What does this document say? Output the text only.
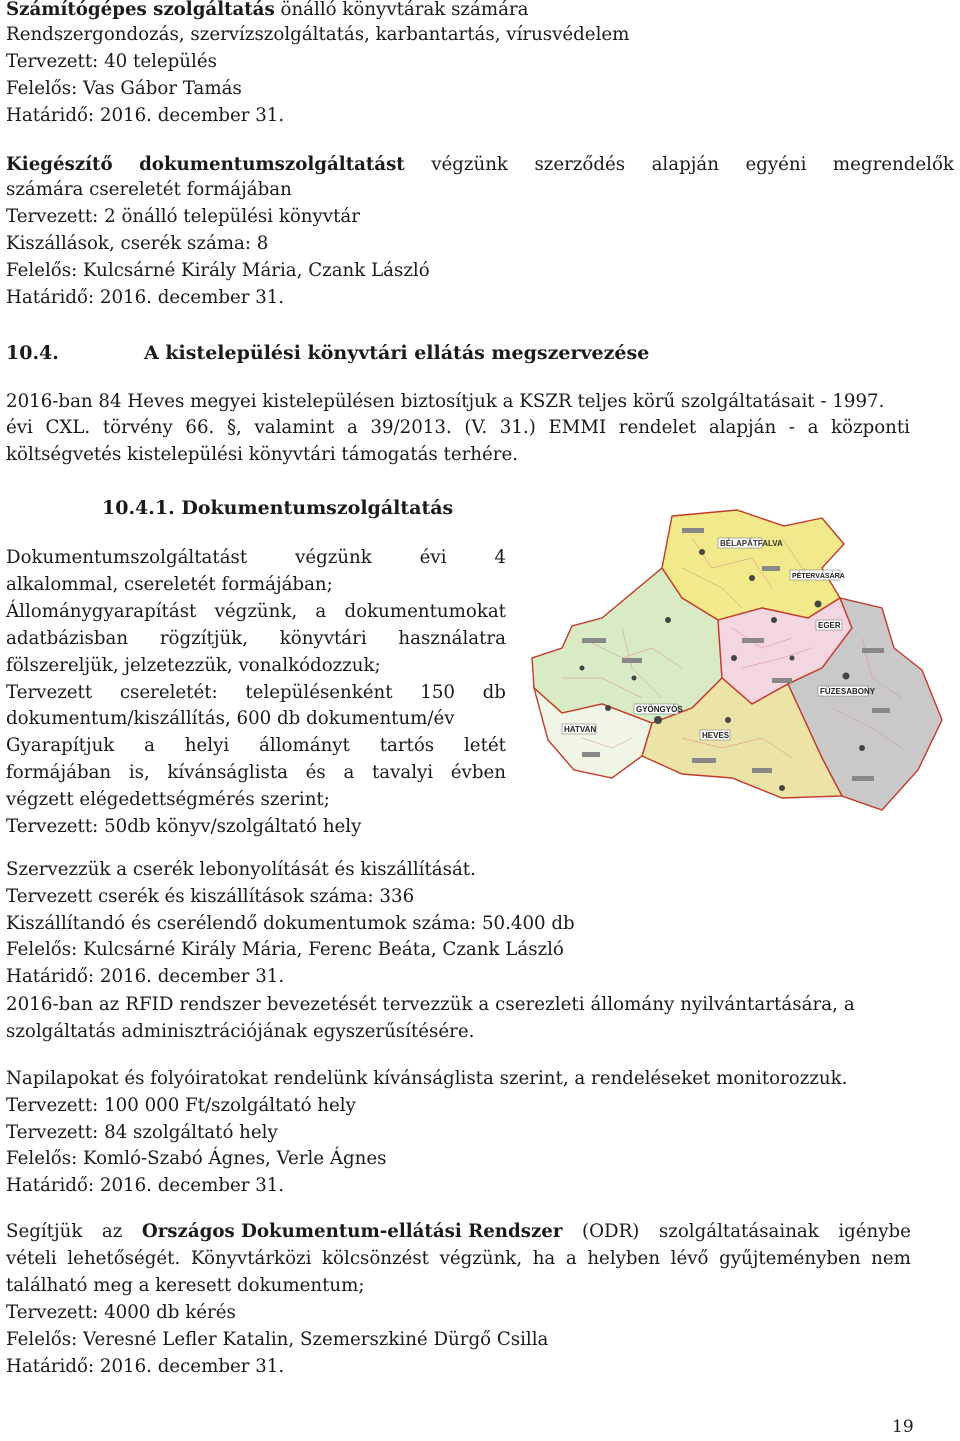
Számítógépes szolgáltatás önálló könyvtárak számára
Rendszergondozás, szervízszolgáltatás, karbantartás, vírusvédelem
Tervezett: 40 település
Felelős: Vas Gábor Tamás
Határidő: 2016. december 31.
Kiegészítő dokumentumszolgáltatást végzünk szerződés alapján egyéni megrendelők
számára csereletét formájában
Tervezett: 2 önálló települési könyvtár
Kiszállások, cserék száma: 8
Felelős: Kulcsárné Király Mária, Czank László
Határidő: 2016. december 31.
10.4.	A kistelepülési könyvtári ellátás megszervezése
2016-ban 84 Heves megyei kistelepülésen biztosítjuk a KSZR teljes körű szolgáltatásait - 1997.
évi CXL. törvény 66. §, valamint a 39/2013. (V. 31.) EMMI rendelet alapján - a központi
költségvetés kistelepülési könyvtári támogatás terhére.
10.4.1. Dokumentumszolgáltatás
Dokumentumszolgáltatást	végzünk	évi	4
alkalommal, csereletét formájában;
Állománygyarapítást végzünk, a dokumentumokat
adatbázisban rögzítjük, könyvtári használatra
fölszereljük, jelzetezzük, vonalkódozzuk;
Tervezett csereletét: településenként 150 db
dokumentum/kiszállítás, 600 db dokumentum/év
Gyarapítjuk a helyi állományt tartós letét
formájában is, kívánságlista és a tavalyi évben
végzett elégedettségmérés szerint;
Tervezett: 50db könyv/szolgáltató hely
BÉLAPÁTFALVA
EGER
FÜZESABONY
HEVES
HATVAN
GYÖNGYÖS
PÉTERVÁSÁRA
Szervezzük a cserék lebonyolítását és kiszállítását.
Tervezett cserék és kiszállítások száma: 336
Kiszállítandó és cserélendő dokumentumok száma: 50.400 db
Felelős: Kulcsárné Király Mária, Ferenc Beáta, Czank László
Határidő: 2016. december 31.
2016-ban az RFID rendszer bevezetését tervezzük a cserezleti állomány nyilvántartására, a
szolgáltatás adminisztrációjának egyszerűsítésére.
Napilapokat és folyóiratokat rendelünk kívánságlista szerint, a rendeléseket monitorozzuk.
Tervezett: 100 000 Ft/szolgáltató hely
Tervezett: 84 szolgáltató hely
Felelős: Komló-Szabó Ágnes, Verle Ágnes
Határidő: 2016. december 31.
Segítjük az Országos Dokumentum-ellátási Rendszer (ODR) szolgáltatásainak igénybe
vételi lehetőségét. Könyvtárközi kölcsönzést végzünk, ha a helyben lévő gyűjteményben nem
található meg a keresett dokumentum;
Tervezett: 4000 db kérés
Felelős: Veresné Lefler Katalin, Szemerszkiné Dürgő Csilla
Határidő: 2016. december 31.
19
